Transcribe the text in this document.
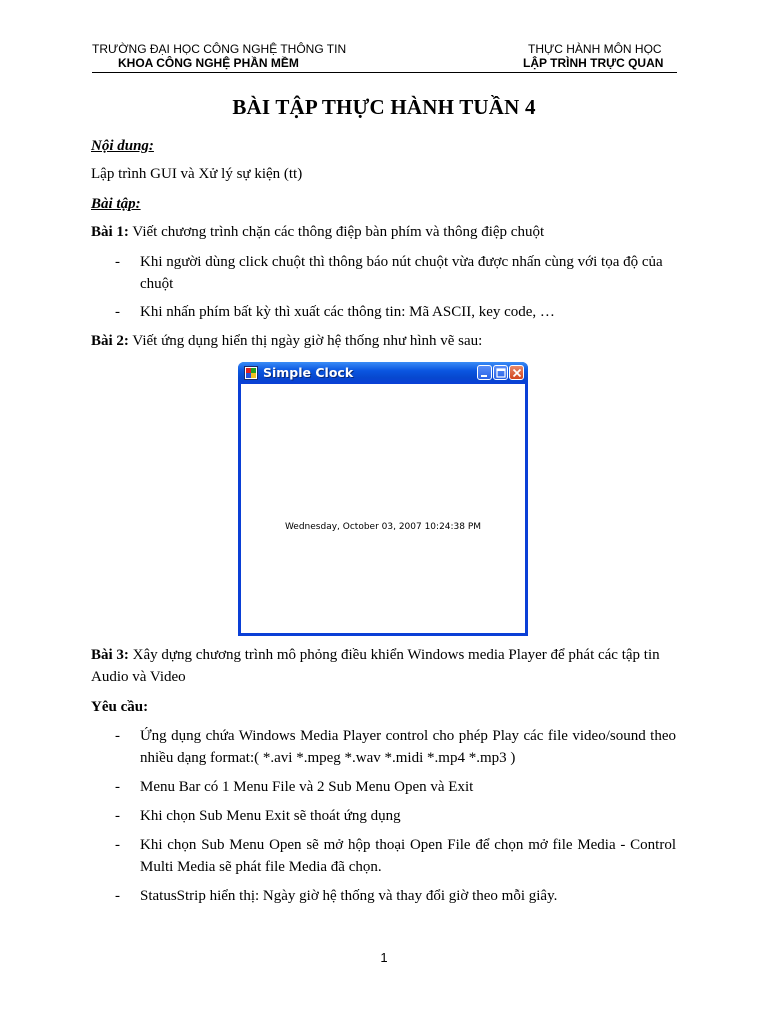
TRƯỜNG ĐẠI HỌC CÔNG NGHỆ THÔNG TIN
KHOA CÔNG NGHỆ PHẦN MỀM
THỰC HÀNH MÔN HỌC
LẬP TRÌNH TRỰC QUAN
BÀI TẬP THỰC HÀNH TUẦN 4
Nội dung:
Lập trình GUI và Xử lý sự kiện (tt)
Bài tập:
Bài 1: Viết chương trình chặn các thông điệp bàn phím và thông điệp chuột
- Khi người dùng click chuột thì thông báo nút chuột vừa được nhấn cùng với tọa độ của chuột
- Khi nhấn phím bất kỳ thì xuất các thông tin: Mã ASCII, key code, …
Bài 2: Viết ứng dụng hiển thị ngày giờ hệ thống như hình vẽ sau:
Simple Clock
Wednesday, October 03, 2007 10:24:38 PM
Bài 3: Xây dựng chương trình mô phỏng điều khiển Windows media Player để phát các tập tin Audio và Video
Yêu cầu:
- Ứng dụng chứa Windows Media Player control cho phép Play các file video/sound theo nhiều dạng format:( *.avi *.mpeg *.wav *.midi *.mp4 *.mp3 )
- Menu Bar có 1 Menu File và 2 Sub Menu Open và Exit
- Khi chọn Sub Menu Exit sẽ thoát ứng dụng
- Khi chọn Sub Menu Open sẽ mở hộp thoại Open File để chọn mở file Media - Control Multi Media sẽ phát file Media đã chọn.
- StatusStrip hiển thị: Ngày giờ hệ thống và thay đổi giờ theo mỗi giây.
1
